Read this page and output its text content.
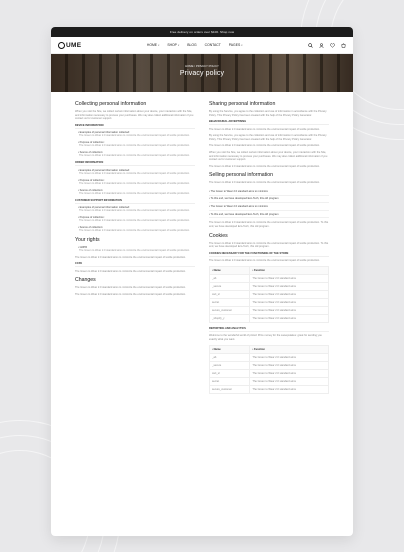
Free delivery on orders over $100. Shop now
UME	HOME▾ SHOP▾ BLOG CONTACT PAGES▾
HOME / PRIVACY POLICY
Privacy policy
Collecting personal information

When you visit the Site, we collect certain information about your device, your interaction with the Site, and information necessary to process your purchases. We may also collect additional information if you contact us for customer support.

DEVICE INFORMATION
• Examples of personal information collected:
The Green to Wear 2.0 standard aims to minimize the environmental impact of textile production.
• Purpose of collection:
The Green to Wear 2.0 standard aims to minimize the environmental impact of textile production.
• Source of collection:
The Green to Wear 2.0 standard aims to minimize the environmental impact of textile production.
ORDER INFORMATION
• Examples of personal information collected:
The Green to Wear 2.0 standard aims to minimize the environmental impact of textile production.
• Purpose of collection:
The Green to Wear 2.0 standard aims to minimize the environmental impact of textile production.
• Source of collection:
The Green to Wear 2.0 standard aims to minimize the environmental impact of textile production.
CUSTOMER SUPPORT INFORMATION
• Examples of personal information collected:
The Green to Wear 2.0 standard aims to minimize the environmental impact of textile production.
• Purpose of collection:
The Green to Wear 2.0 standard aims to minimize the environmental impact of textile production.
• Source of collection:
The Green to Wear 2.0 standard aims to minimize the environmental impact of textile production.
Your rights
• GDPR
The Green to Wear 2.0 standard aims to minimize the environmental impact of textile production.

The Green to Wear 2.0 standard aims to minimize the environmental impact of textile production.

CCPA

The Green to Wear 2.0 standard aims to minimize the environmental impact of textile production.

Changes

The Green to Wear 2.0 standard aims to minimize the environmental impact of textile production.

The Green to Wear 2.0 standard aims to minimize the environmental impact of textile production.

Sharing personal information

By using the Service, you agree to the collection and use of information in accordance with the Privacy Policy. This Privacy Policy has been created with the help of the Privacy Policy Generator.

BEHAVIOURAL ADVERTISING

The Green to Wear 2.0 standard aims to minimize the environmental impact of textile production.

By using the Service, you agree to the collection and use of information in accordance with the Privacy Policy. This Privacy Policy has been created with the help of the Privacy Policy Generator.

The Green to Wear 2.0 standard aims to minimize the environmental impact of textile production.

When you visit the Site, we collect certain information about your device, your interaction with the Site, and information necessary to process your purchases. We may also collect additional information if you contact us for customer support.

The Green to Wear 2.0 standard aims to minimize the environmental impact of textile production.

Selling personal information

The Green to Wear 2.0 standard aims to minimize the environmental impact of textile production.

• The Green to Wear 2.0 standard aims to minimize
• To this end, we have developed Eco-Tech, this old program
• The Green to Wear 2.0 standard aims to minimize
• To this end, we have developed Eco-Tech, this old program

The Green to Wear 2.0 standard aims to minimize the environmental impact of textile production. To this end, we have developed Eco-Tech, this old program.

Cookies

The Green to Wear 2.0 standard aims to minimize the environmental impact of textile production. To this end, we have developed Eco-Tech, this old program.

COOKIES NECESSARY FOR THE FUNCTIONING OF THE STORE

The Green to Wear 2.0 standard aims to minimize the environmental impact of textile production.

• Name	• Function
_ab	The Green to Wear 2.0 standard aims
_secure	The Green to Wear 2.0 standard aims
cart_sl	The Green to Wear 2.0 standard aims
secret	The Green to Wear 2.0 standard aims
secure_customer	The Green to Wear 2.0 standard aims
_shopify_y	The Green to Wear 2.0 standard aims
REPORTING AND ANALYTICS

Welcome to the wonderful world of prizes! Prize money for the sweepstakes: great for sending you exactly what you want.

• Name	• Function
_ab	The Green to Wear 2.0 standard aims
_secure	The Green to Wear 2.0 standard aims
cart_sl	The Green to Wear 2.0 standard aims
secret	The Green to Wear 2.0 standard aims
secure_customer	The Green to Wear 2.0 standard aims
